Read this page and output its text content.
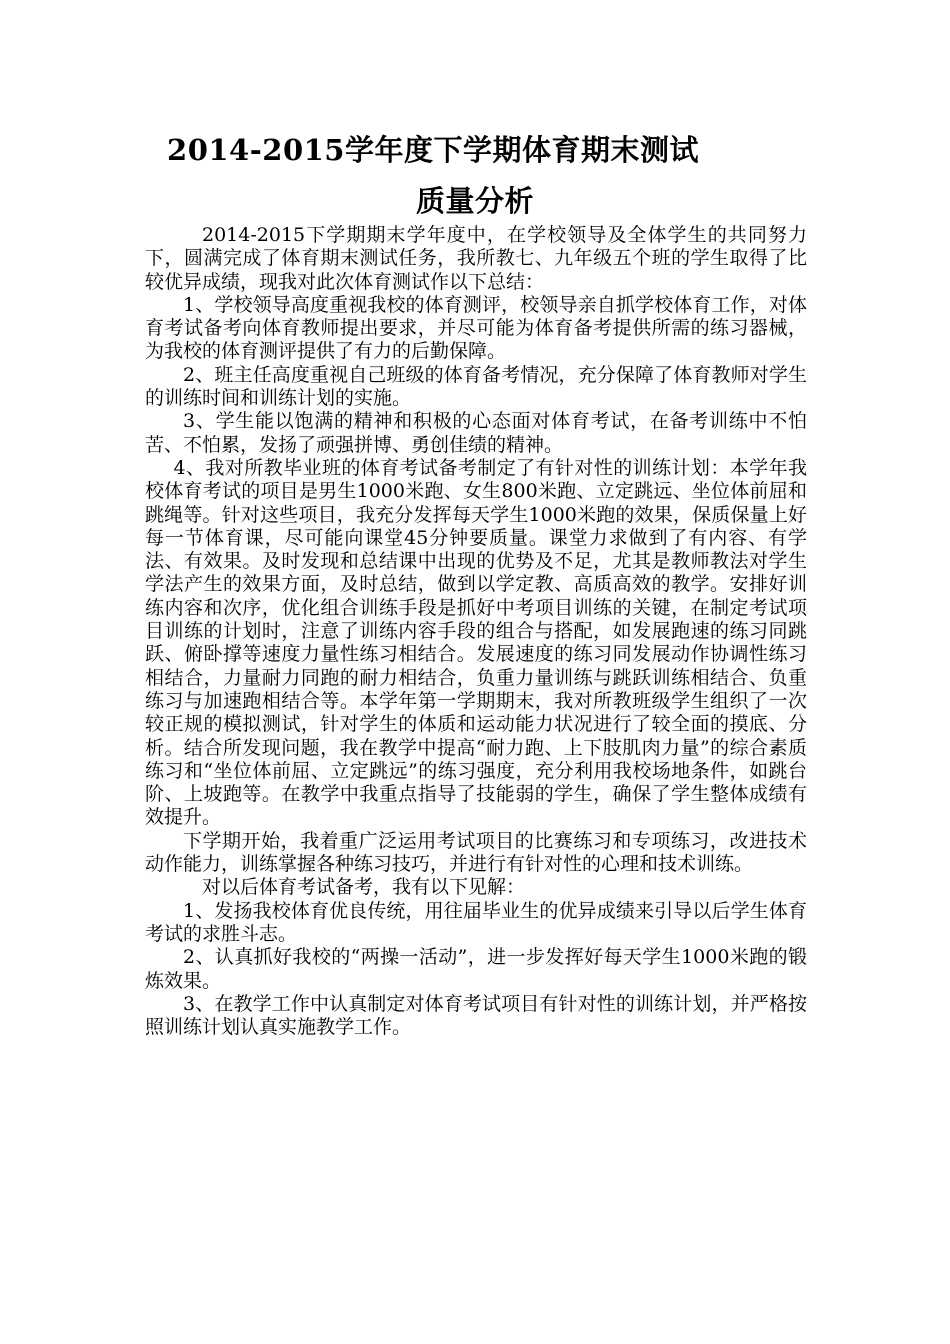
2014-2015学年度下学期体育期末测试
质量分析

2014-2015下学期期末学年度中，在学校领导及全体学生的共同努力下，圆满完成了体育期末测试任务，我所教七、九年级五个班的学生取得了比较优异成绩，现我对此次体育测试作以下总结：

1、学校领导高度重视我校的体育测评，校领导亲自抓学校体育工作，对体育考试备考向体育教师提出要求，并尽可能为体育备考提供所需的练习器械，为我校的体育测评提供了有力的后勤保障。

2、班主任高度重视自己班级的体育备考情况，充分保障了体育教师对学生的训练时间和训练计划的实施。

3、学生能以饱满的精神和积极的心态面对体育考试，在备考训练中不怕苦、不怕累，发扬了顽强拼博、勇创佳绩的精神。

4、我对所教毕业班的体育考试备考制定了有针对性的训练计划：本学年我校体育考试的项目是男生1000米跑、女生800米跑、立定跳远、坐位体前屈和跳绳等。针对这些项目，我充分发挥每天学生1000米跑的效果，保质保量上好每一节体育课，尽可能向课堂45分钟要质量。课堂力求做到了有内容、有学法、有效果。及时发现和总结课中出现的优势及不足，尤其是教师教法对学生学法产生的效果方面，及时总结，做到以学定教、高质高效的教学。安排好训练内容和次序，优化组合训练手段是抓好中考项目训练的关键，在制定考试项目训练的计划时，注意了训练内容手段的组合与搭配，如发展跑速的练习同跳跃、俯卧撑等速度力量性练习相结合。发展速度的练习同发展动作协调性练习相结合，力量耐力同跑的耐力相结合，负重力量训练与跳跃训练相结合、负重练习与加速跑相结合等。本学年第一学期期末，我对所教班级学生组织了一次较正规的模拟测试，针对学生的体质和运动能力状况进行了较全面的摸底、分析。结合所发现问题，我在教学中提高“耐力跑、上下肢肌肉力量”的综合素质练习和“坐位体前屈、立定跳远”的练习强度，充分利用我校场地条件，如跳台阶、上坡跑等。在教学中我重点指导了技能弱的学生，确保了学生整体成绩有效提升。

下学期开始，我着重广泛运用考试项目的比赛练习和专项练习，改进技术动作能力，训练掌握各种练习技巧，并进行有针对性的心理和技术训练。

对以后体育考试备考，我有以下见解：

1、发扬我校体育优良传统，用往届毕业生的优异成绩来引导以后学生体育考试的求胜斗志。

2、认真抓好我校的“两操一活动”，进一步发挥好每天学生1000米跑的锻炼效果。

3、在教学工作中认真制定对体育考试项目有针对性的训练计划，并严格按照训练计划认真实施教学工作。
